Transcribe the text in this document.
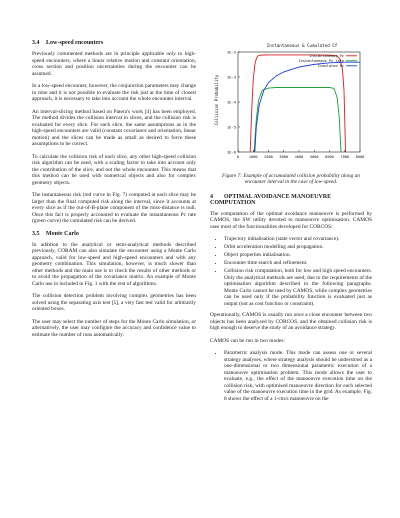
3.4 Low-speed encounters

Previously commented methods are in principle applicable only to high-speed encounters, where a linear relative motion and constant orientation, cross section and position uncertainties during the encounter can be assumed.

In a low-speed encounter, however, the conjunction parameters may change in time and it is not possible to evaluate the risk just at the time of closest approach, it is necessary to take into account the whole encounter interval.

An interval-slicing method based on Patera's work [4] has been employed. The method divides the collision interval in slices, and the collision risk is evaluated for every slice. For each slice, the same assumptions as in the high-speed encounters are valid (constant covariance and orientation, linear motion) and the slices can be made as small as desired to force these assumptions to be correct.

To calculate the collision risk of each slice, any other high-speed collision risk algorithm can be used, with a scaling factor to take into account only the contribution of the slice, and not the whole encounter. This means that this method can be used with numerical objects and also for complex geometry objects.

The instantaneous risk (red curve in Fig. 7) computed at each slice may be larger than the final computed risk along the interval, since it accounts at every slice as if the out-of-B-plane component of the miss-distance is null. Once this fact is properly accounted to evaluate the instantaneous Pc rate (green curve) the cumulated risk can be derived.

3.5 Monte Carlo

In addition to the analytical or semi-analytical methods described previously, CORAM can also simulate the encounter using a Monte Carlo approach, valid for low-speed and high-speed encounters and with any geometry combination. This simulation, however, is much slower than other methods and the main use is to check the results of other methods or to avoid the propagation of the covariance matrix. An example of Monte Carlo use in included in Fig. 1 with the rest of algorithms.

The collision detection problem involving complex geometries has been solved using the separating axis test [5], a very fast test valid for arbitrarily oriented boxes.

The user may select the number of steps for the Monte Carlo simulation, or alternatively, the user may configure the accuracy and confidence value to estimate the number of runs automatically.

Instantaneous & Cumulated Cf
Collision Probability
1E-2
1E-3
1E-4
1E-5
1E-6
0	1000 2000 3000 4000 5000 6000 7000 8000
Instantaneous Pc
Instantaneous Pc rate
Cumulated Pc
Figure 7: Example of accumulated collision probability along an encounter interval in the case of low-speed.
4 OPTIMAL AVOIDANCE MANOEUVRE COMPUTATION

The computation of the optimal avoidance manoeuvre is performed by CAMOS, the SW utility devoted to manoeuvre optimisation. CAMOS uses most of the functionalities developed for CORCOS:

• Trajectory initialisation (state vector and covariance).
• Orbit acceleration modelling and propagation.
• Object properties initialisation.
• Encounter time search and refinement.
• Collision risk computation, both for low and high speed encounters. Only the analytical methods are used, due to the requirements of the optimisation algorithm described in the following paragraphs. Monte Carlo cannot be used by CAMOS, while complex geometries can be used only if the probability function is evaluated just as output (not as cost function or constraint).

Operationally, CAMOS is usually run once a close encounter between two objects has been analysed by CORCOS, and the obtained collision risk is high enough to deserve the study of an avoidance strategy.

CAMOS can be run in two modes:

• Parametric analysis mode. This mode can assess one or several strategy analyses, where strategy analysis should be understood as a one-dimensional or two dimensional parametric execution of a manoeuvre optimisation problem. This mode allows the user to evaluate, e.g., the effect of the manoeuvre execution time on the collision risk, with optimised manoeuvre direction for each selected value of the manoeuvre execution time in the grid. As example, Fig. 8 shows the effect of a 1-cm/s manoeuvre on the
